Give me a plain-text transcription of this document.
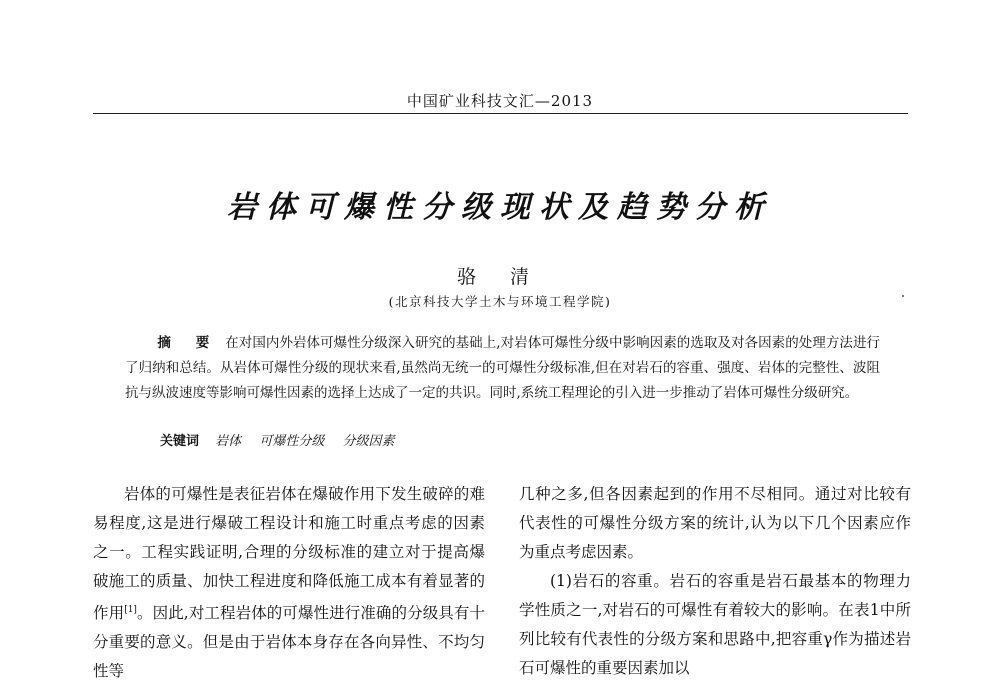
中国矿业科技文汇—2013
岩体可爆性分级现状及趋势分析
骆 清
(北京科技大学土木与环境工程学院)
摘 要 在对国内外岩体可爆性分级深入研究的基础上,对岩体可爆性分级中影响因素的选取及对各因素的处理方法进行了归纳和总结。从岩体可爆性分级的现状来看,虽然尚无统一的可爆性分级标准,但在对岩石的容重、强度、岩体的完整性、波阻抗与纵波速度等影响可爆性因素的选择上达成了一定的共识。同时,系统工程理论的引入进一步推动了岩体可爆性分级研究。
关键词 岩体 可爆性分级 分级因素

岩体的可爆性是表征岩体在爆破作用下发生破碎的难易程度,这是进行爆破工程设计和施工时重点考虑的因素之一。工程实践证明,合理的分级标准的建立对于提高爆破施工的质量、加快工程进度和降低施工成本有着显著的作用[1]。因此,对工程岩体的可爆性进行准确的分级具有十分重要的意义。但是由于岩体本身存在各向异性、不均匀性等

几种之多,但各因素起到的作用不尽相同。通过对比较有代表性的可爆性分级方案的统计,认为以下几个因素应作为重点考虑因素。

(1)岩石的容重。岩石的容重是岩石最基本的物理力学性质之一,对岩石的可爆性有着较大的影响。在表1中所列比较有代表性的分级方案和思路中,把容重γ作为描述岩石可爆性的重要因素加以
